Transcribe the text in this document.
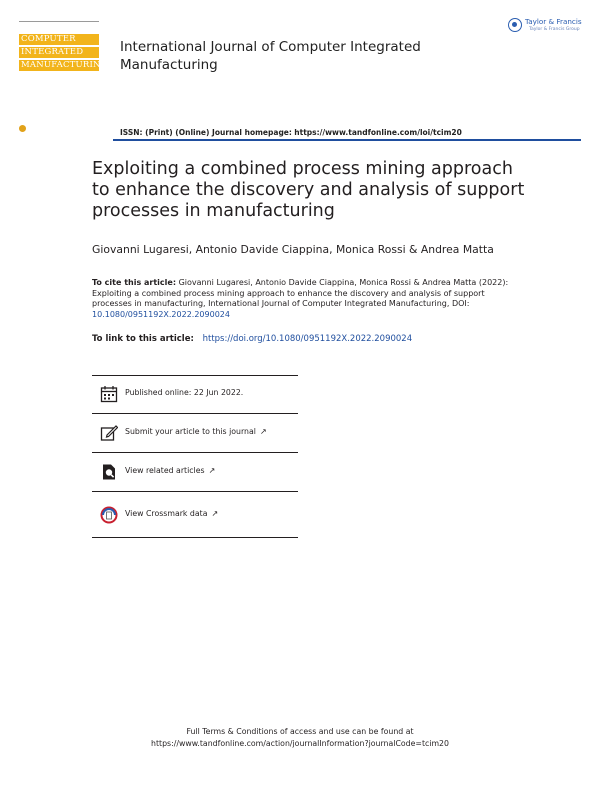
COMPUTER
INTEGRATED
MANUFACTURING
International Journal of Computer Integrated Manufacturing
Taylor & Francis
Taylor & Francis Group
ISSN: (Print) (Online) Journal homepage: https://www.tandfonline.com/loi/tcim20
Exploiting a combined process mining approach to enhance the discovery and analysis of support processes in manufacturing
Giovanni Lugaresi, Antonio Davide Ciappina, Monica Rossi & Andrea Matta
To cite this article: Giovanni Lugaresi, Antonio Davide Ciappina, Monica Rossi & Andrea Matta (2022): Exploiting a combined process mining approach to enhance the discovery and analysis of support processes in manufacturing, International Journal of Computer Integrated Manufacturing, DOI: 10.1080/0951192X.2022.2090024
To link to this article: https://doi.org/10.1080/0951192X.2022.2090024
Published online: 22 Jun 2022.
Submit your article to this journal ↗
View related articles ↗
View Crossmark data ↗
Full Terms & Conditions of access and use can be found at
https://www.tandfonline.com/action/journalInformation?journalCode=tcim20
